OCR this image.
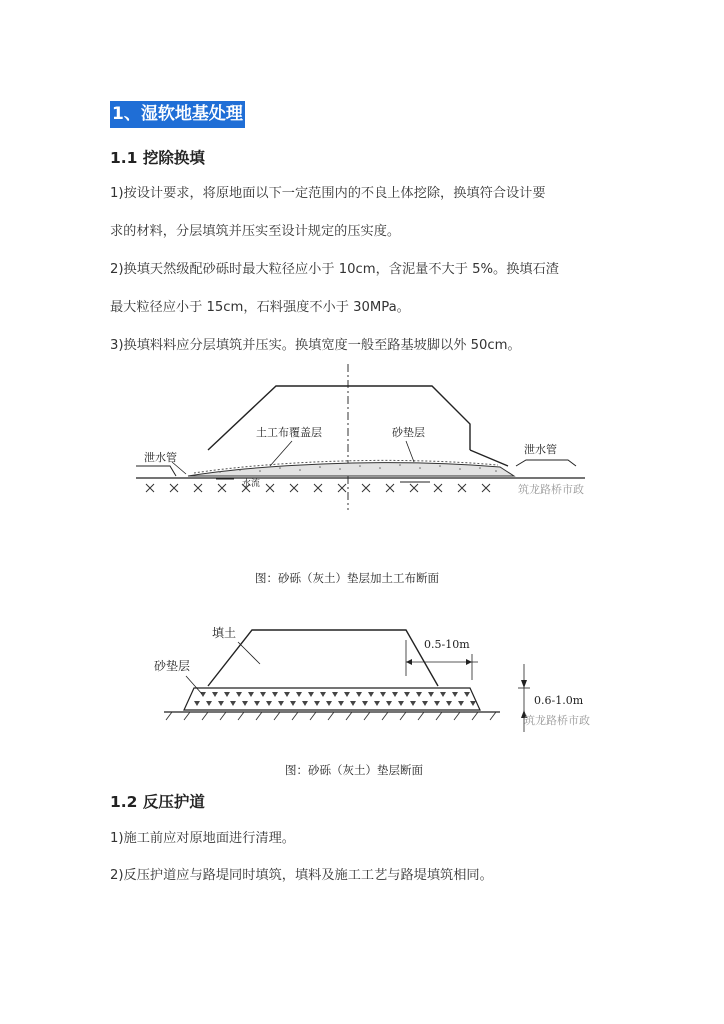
1、湿软地基处理
1.1 挖除换填
1)按设计要求，将原地面以下一定范围内的不良上体挖除，换填符合设计要
求的材料，分层填筑并压实至设计规定的压实度。
2)换填天然级配砂砾时最大粒径应小于 10cm，含泥量不大于 5%。换填石渣
最大粒径应小于 15cm，石料强度不小于 30MPa。
3)换填料料应分层填筑并压实。换填宽度一般至路基坡脚以外 50cm。
泄水管
泄水管
土工布覆盖层	砂垫层
水流	筑龙路桥市政
图：砂砾（灰土）垫层加土工布断面
填土
砂垫层
0.5-10m
0.6-1.0m
筑龙路桥市政
图：砂砾（灰土）垫层断面
1.2 反压护道
1)施工前应对原地面进行清理。
2)反压护道应与路堤同时填筑，填料及施工工艺与路堤填筑相同。
